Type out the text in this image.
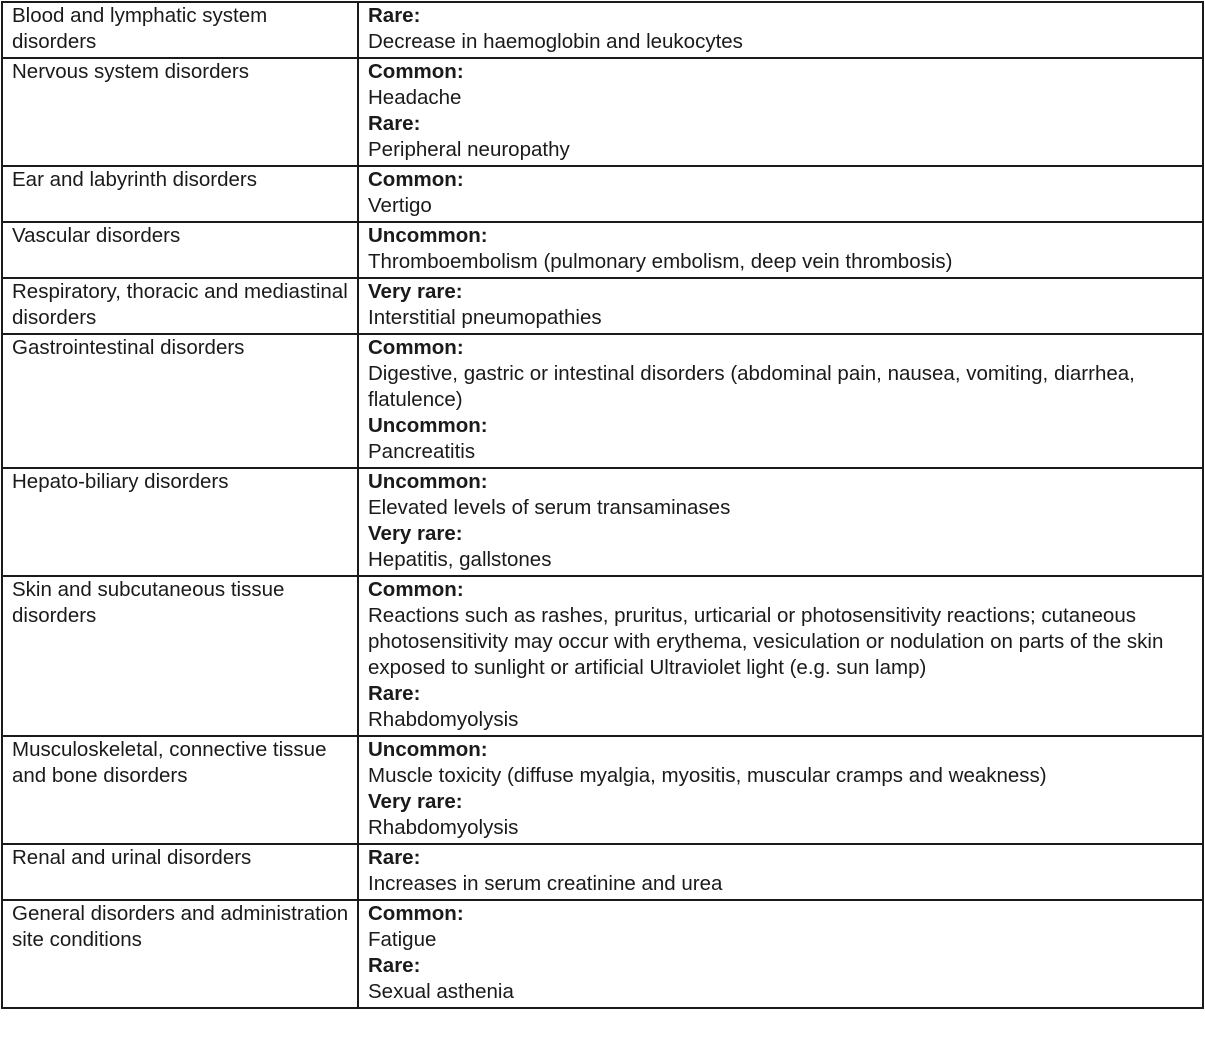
Blood and lymphatic system disorders	Rare:
Decrease in haemoglobin and leukocytes

Nervous system disorders	Common:
Headache
Rare:
Peripheral neuropathy

Ear and labyrinth disorders	Common:
Vertigo

Vascular disorders	Uncommon:
Thromboembolism (pulmonary embolism, deep vein thrombosis)

Respiratory, thoracic and mediastinal disorders	Very rare:
Interstitial pneumopathies

Gastrointestinal disorders	Common:
Digestive, gastric or intestinal disorders (abdominal pain, nausea, vomiting, diarrhea, flatulence)
Uncommon:
Pancreatitis

Hepato-biliary disorders	Uncommon:
Elevated levels of serum transaminases
Very rare:
Hepatitis, gallstones

Skin and subcutaneous tissue disorders	Common:
Reactions such as rashes, pruritus, urticarial or photosensitivity reactions; cutaneous photosensitivity may occur with erythema, vesiculation or nodulation on parts of the skin exposed to sunlight or artificial Ultraviolet light (e.g. sun lamp)
Rare:
Rhabdomyolysis

Musculoskeletal, connective tissue and bone disorders	Uncommon:
Muscle toxicity (diffuse myalgia, myositis, muscular cramps and weakness)
Very rare:
Rhabdomyolysis

Renal and urinal disorders	Rare:
Increases in serum creatinine and urea

General disorders and administration site conditions	Common:
Fatigue
Rare:
Sexual asthenia
